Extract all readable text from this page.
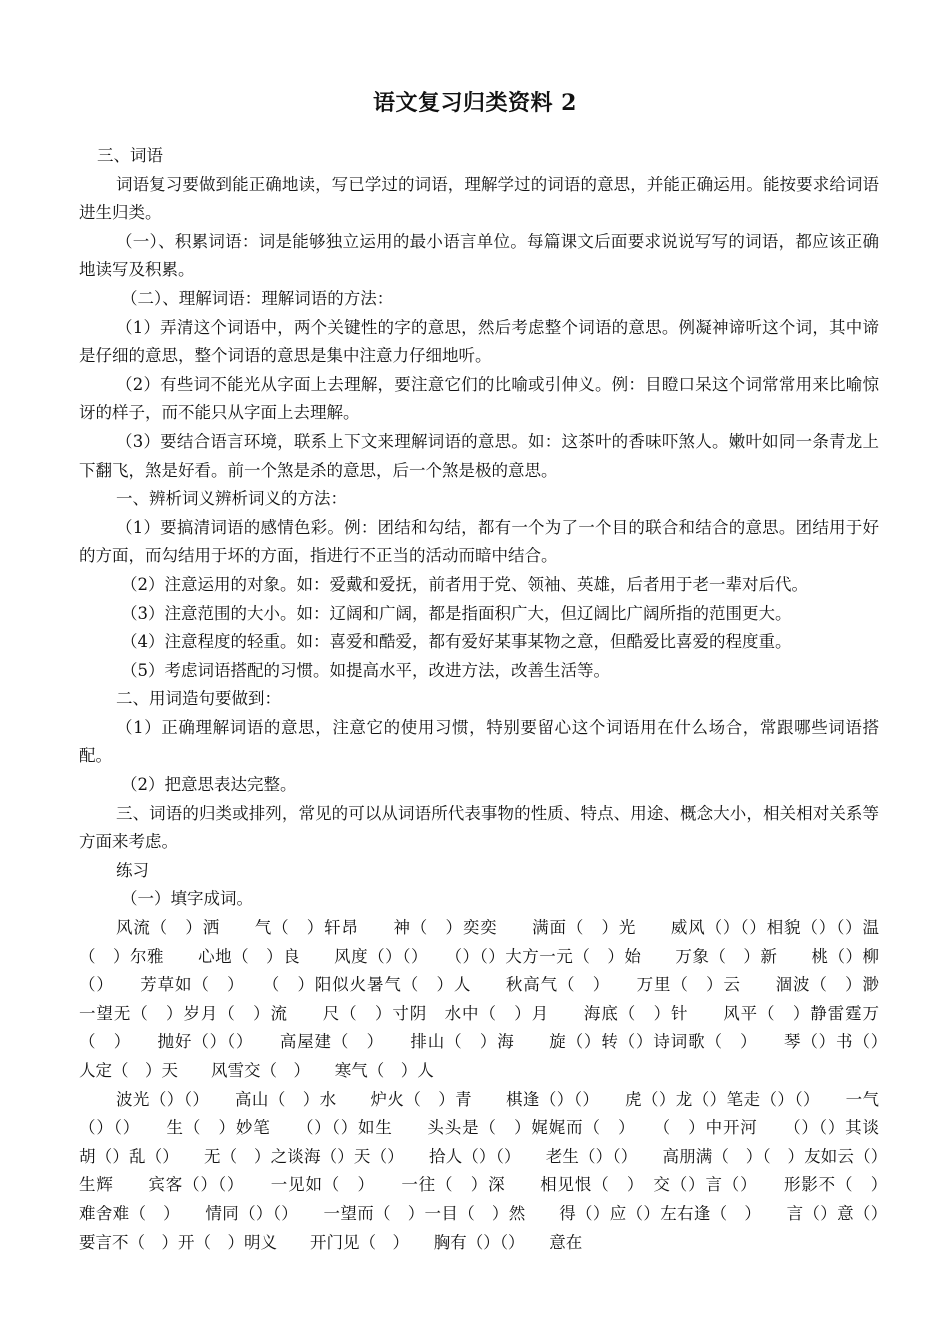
语文复习归类资料 2

三、词语

词语复习要做到能正确地读，写已学过的词语，理解学过的词语的意思，并能正确运用。能按要求给词语进生归类。

（一）、积累词语：词是能够独立运用的最小语言单位。每篇课文后面要求说说写写的词语，都应该正确地读写及积累。

（二）、理解词语：理解词语的方法：

（1）弄清这个词语中，两个关键性的字的意思，然后考虑整个词语的意思。例凝神谛听这个词，其中谛是仔细的意思，整个词语的意思是集中注意力仔细地听。

（2）有些词不能光从字面上去理解，要注意它们的比喻或引伸义。例：目瞪口呆这个词常常用来比喻惊讶的样子，而不能只从字面上去理解。

（3）要结合语言环境，联系上下文来理解词语的意思。如：这茶叶的香味吓煞人。嫩叶如同一条青龙上下翻飞，煞是好看。前一个煞是杀的意思，后一个煞是极的意思。

一、辨析词义辨析词义的方法：

（1）要搞清词语的感情色彩。例：团结和勾结，都有一个为了一个目的联合和结合的意思。团结用于好的方面，而勾结用于坏的方面，指进行不正当的活动而暗中结合。

（2）注意运用的对象。如：爱戴和爱抚，前者用于党、领袖、英雄，后者用于老一辈对后代。

（3）注意范围的大小。如：辽阔和广阔，都是指面积广大，但辽阔比广阔所指的范围更大。

（4）注意程度的轻重。如：喜爱和酷爱，都有爱好某事某物之意，但酷爱比喜爱的程度重。

（5）考虑词语搭配的习惯。如提高水平，改进方法，改善生活等。

二、用词造句要做到：

（1）正确理解词语的意思，注意它的使用习惯，特别要留心这个词语用在什么场合，常跟哪些词语搭配。

（2）把意思表达完整。

三、词语的归类或排列，常见的可以从词语所代表事物的性质、特点、用途、概念大小，相关相对关系等方面来考虑。

练习

（一）填字成词。

风流（　）洒　　气（　）轩昂　　神（　）奕奕　　满面（　）光　　威风（）（）相貌（）（）温（　）尔雅　　心地（　）良　　风度（）（）　　（）（）大方一元（　）始　　万象（　）新　　桃（）柳（）　　芳草如（　）　　（　）阳似火暑气（　）人　　秋高气（　）　　万里（　）云　　涸波（　）渺　　一望无（　）岁月（　）流　　尺（　）寸阴　水中（　）月　　海底（　）针　　风平（　）静雷霆万（　）　　抛好（）（）　　高屋建（　）　　排山（　）海　　旋（）转（）诗词歌（　）　　琴（）书（）　　人定（　）天　　风雪交（　）　　寒气（　）人

波光（）（）　　高山（　）水　　炉火（　）青　　棋逢（）（）　　虎（）龙（）笔走（）（）　　一气（）（）　　生（　）妙笔　　（）（）如生　　头头是（　）娓娓而（　）　　（　）中开河　　（）（）其谈　　胡（）乱（）　　无（　）之谈海（）天（）　　拾人（）（）　　老生（）（）　　高朋满（　）（　）友如云（）生辉　　宾客（）（）　　一见如（　）　　一往（　）深　　相见恨（　）　交（）言（）　　形影不（　）　　难舍难（　）　　情同（）（）　　一望而（　）一目（　）然　　得（）应（）左右逢（　）　　言（）意（）　　要言不（　）开（　）明义　　开门见（　）　　胸有（）（）　　意在
